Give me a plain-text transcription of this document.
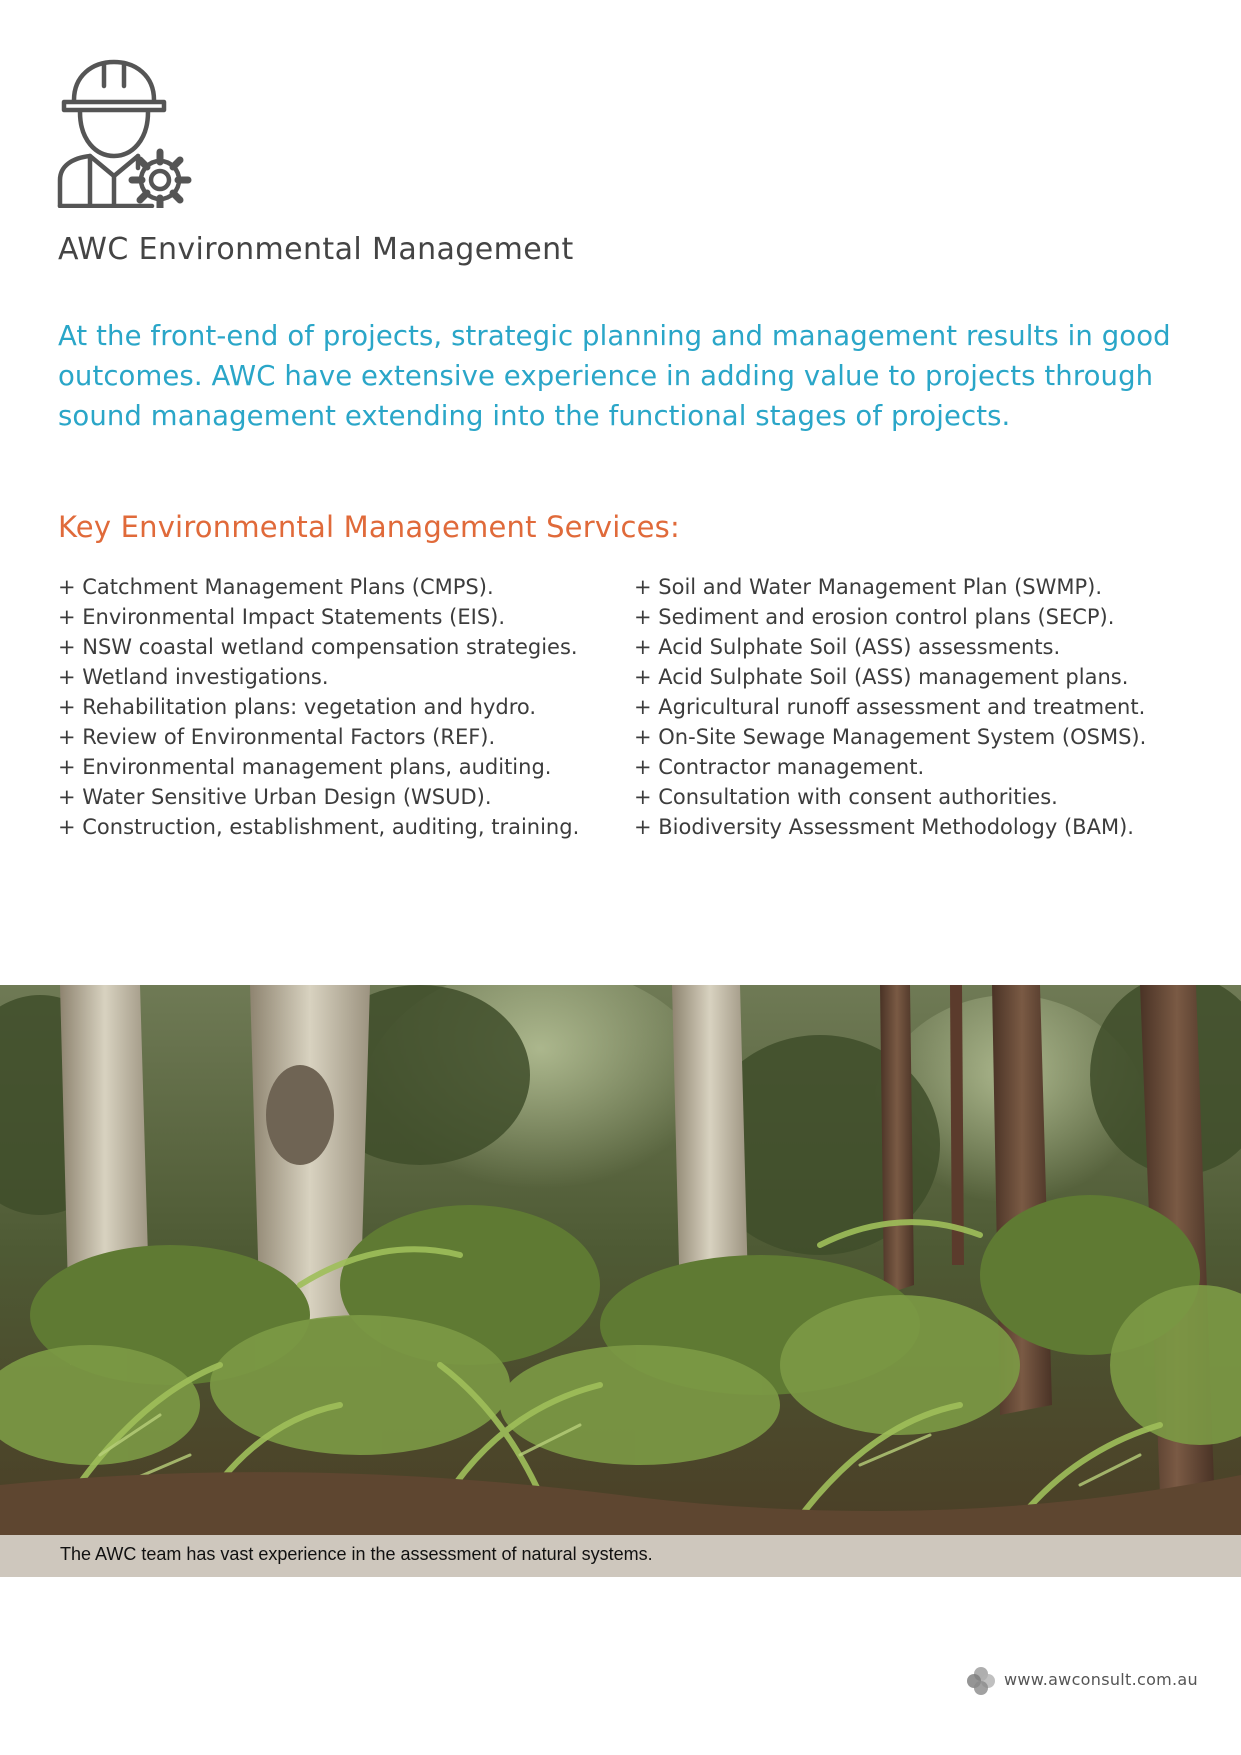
AWC Environmental Management

At the front-end of projects, strategic planning and management results in good outcomes. AWC have extensive experience in adding value to projects through sound management extending into the functional stages of projects.

Key Environmental Management Services:
+ Catchment Management Plans (CMPS).
+ Environmental Impact Statements (EIS).
+ NSW coastal wetland compensation strategies.
+ Wetland investigations.
+ Rehabilitation plans: vegetation and hydro.
+ Review of Environmental Factors (REF).
+ Environmental management plans, auditing.
+ Water Sensitive Urban Design (WSUD).
+ Construction, establishment, auditing, training.
+ Soil and Water Management Plan (SWMP).
+ Sediment and erosion control plans (SECP).
+ Acid Sulphate Soil (ASS) assessments.
+ Acid Sulphate Soil (ASS) management plans.
+ Agricultural runoff assessment and treatment.
+ On-Site Sewage Management System (OSMS).
+ Contractor management.
+ Consultation with consent authorities.
+ Biodiversity Assessment Methodology (BAM).
The AWC team has vast experience in the assessment of natural systems.
www.awconsult.com.au
